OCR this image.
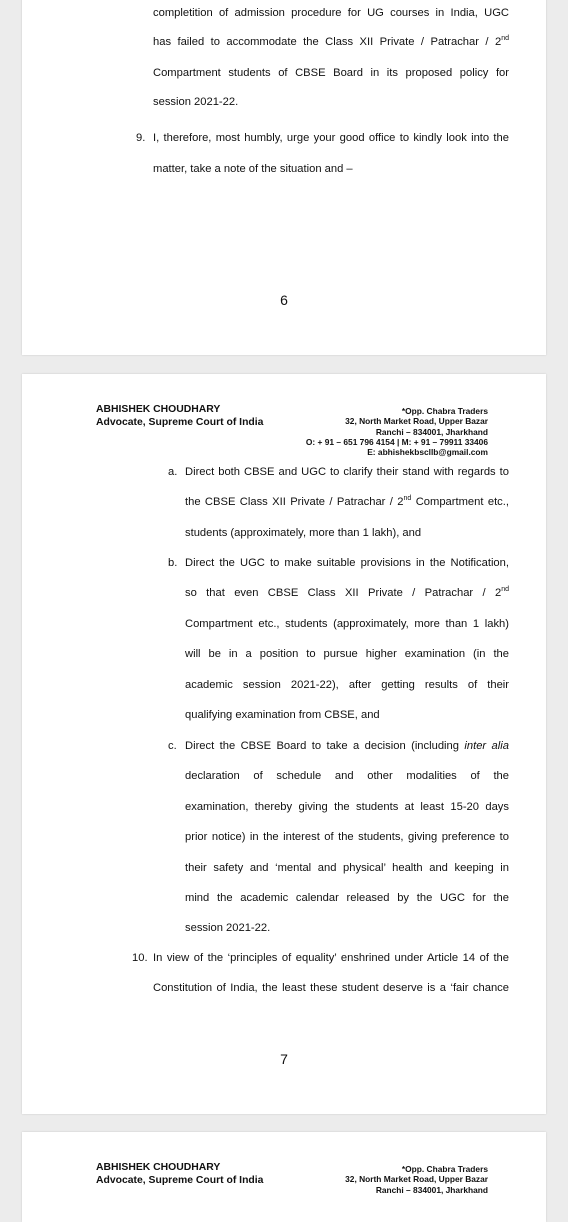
completition of admission procedure for UG courses in India, UGC
has failed to accommodate the Class XII Private / Patrachar / 2nd
Compartment students of CBSE Board in its proposed policy for
session 2021-22.
9. I, therefore, most humbly, urge your good office to kindly look into the
matter, take a note of the situation and –
6
ABHISHEK CHOUDHARY
Advocate, Supreme Court of India
*Opp. Chabra Traders
32, North Market Road, Upper Bazar
Ranchi – 834001, Jharkhand
O: + 91 – 651 796 4154 | M: + 91 – 79911 33406
E: abhishekbscllb@gmail.com
a. Direct both CBSE and UGC to clarify their stand with regards to
the CBSE Class XII Private / Patrachar / 2nd Compartment etc.,
students (approximately, more than 1 lakh), and
b. Direct the UGC to make suitable provisions in the Notification,
so that even CBSE Class XII Private / Patrachar / 2nd
Compartment etc., students (approximately, more than 1 lakh)
will be in a position to pursue higher examination (in the
academic session 2021-22), after getting results of their
qualifying examination from CBSE, and
c. Direct the CBSE Board to take a decision (including inter alia
declaration of schedule and other modalities of the
examination, thereby giving the students at least 15-20 days
prior notice) in the interest of the students, giving preference to
their safety and ‘mental and physical’ health and keeping in
mind the academic calendar released by the UGC for the
session 2021-22.
10. In view of the ‘principles of equality’ enshrined under Article 14 of the
Constitution of India, the least these student deserve is a ‘fair chance
7
ABHISHEK CHOUDHARY
Advocate, Supreme Court of India
*Opp. Chabra Traders
32, North Market Road, Upper Bazar
Ranchi – 834001, Jharkhand
